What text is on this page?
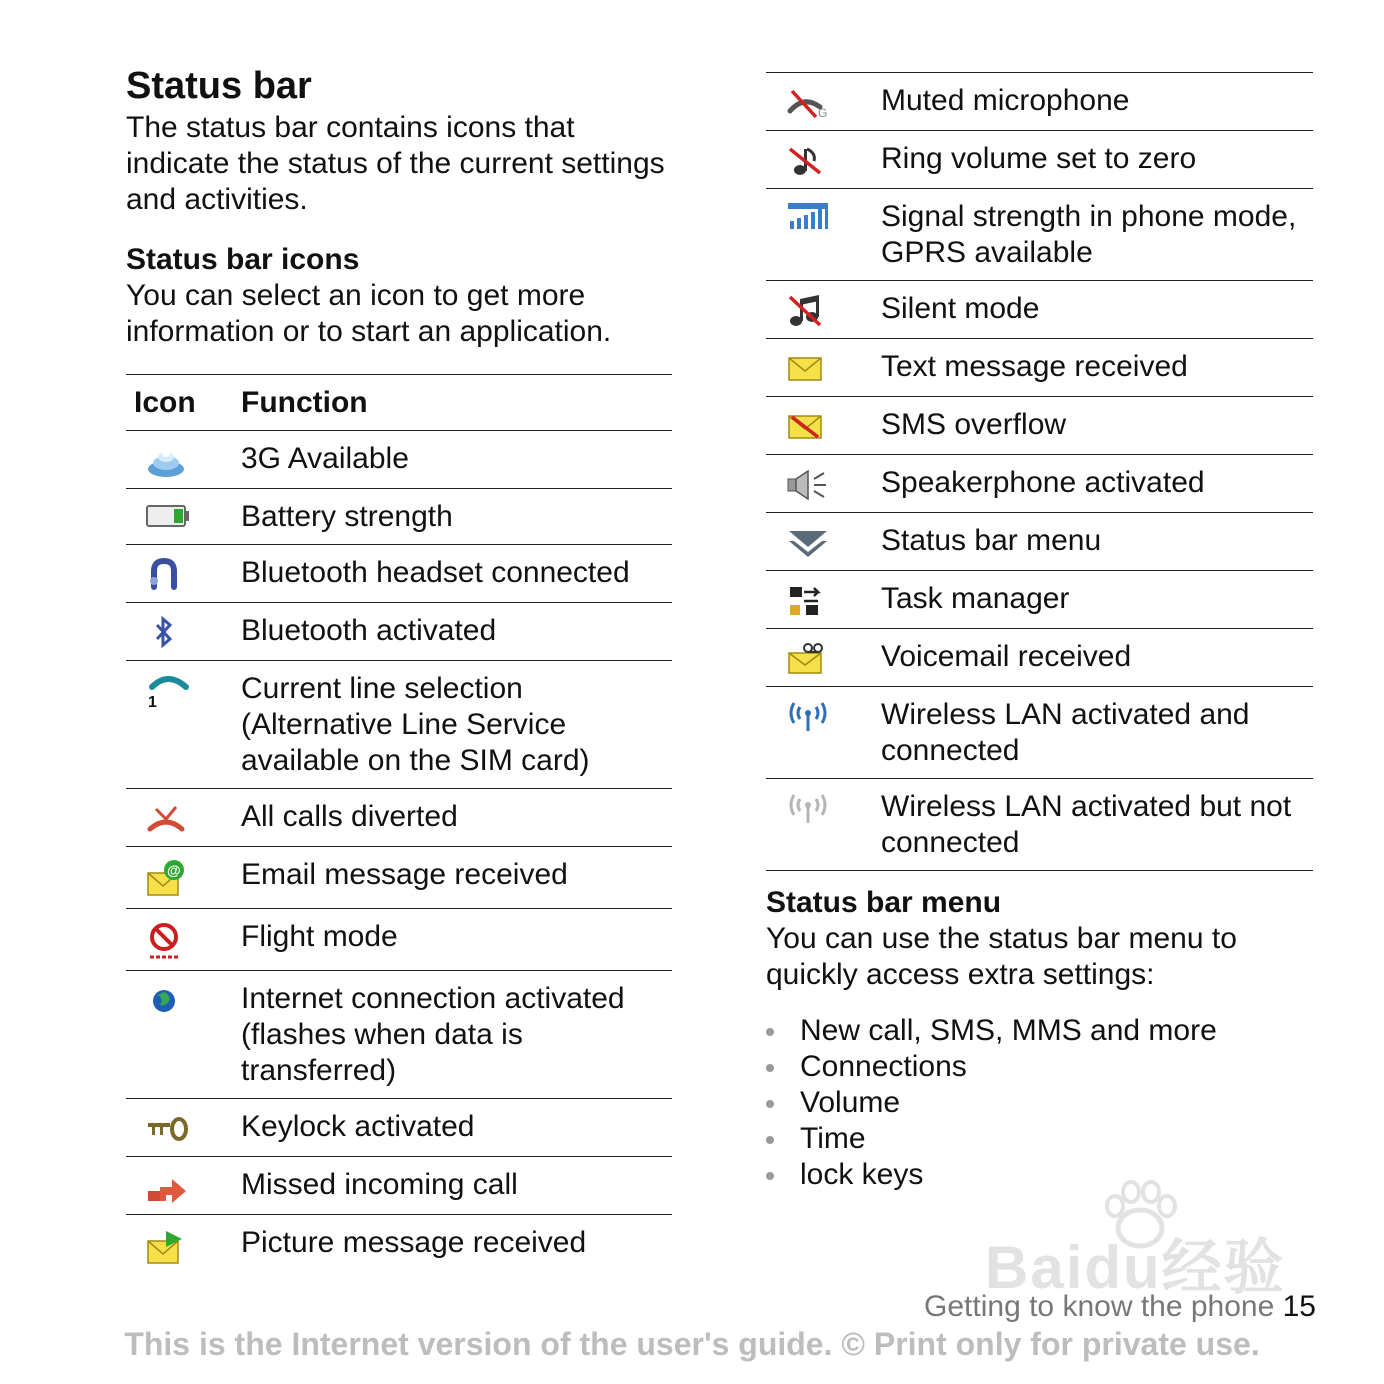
Status bar

The status bar contains icons that indicate the status of the current settings and activities.

Status bar icons

You can select an icon to get more information or to start an application.

Icon	Function

	3G Available

	Battery strength

	Bluetooth headset connected

	Bluetooth activated

1	Current line selection (Alternative Line Service available on the SIM card)

	All calls diverted

@	Email message received

	Flight mode

	Internet connection activated (flashes when data is transferred)

	Keylock activated

	Missed incoming call

	Picture message received
G	Muted microphone

	Ring volume set to zero

	Signal strength in phone mode, GPRS available

	Silent mode

	Text message received

	SMS overflow

	Speakerphone activated

	Status bar menu

	Task manager

	Voicemail received

	Wireless LAN activated and connected

	Wireless LAN activated but not connected
Status bar menu

You can use the status bar menu to quickly access extra settings:

New call, SMS, MMS and more
Connections
Volume
Time
lock keys
Baidu经验
Getting to know the phone 15
This is the Internet version of the user's guide. © Print only for private use.
